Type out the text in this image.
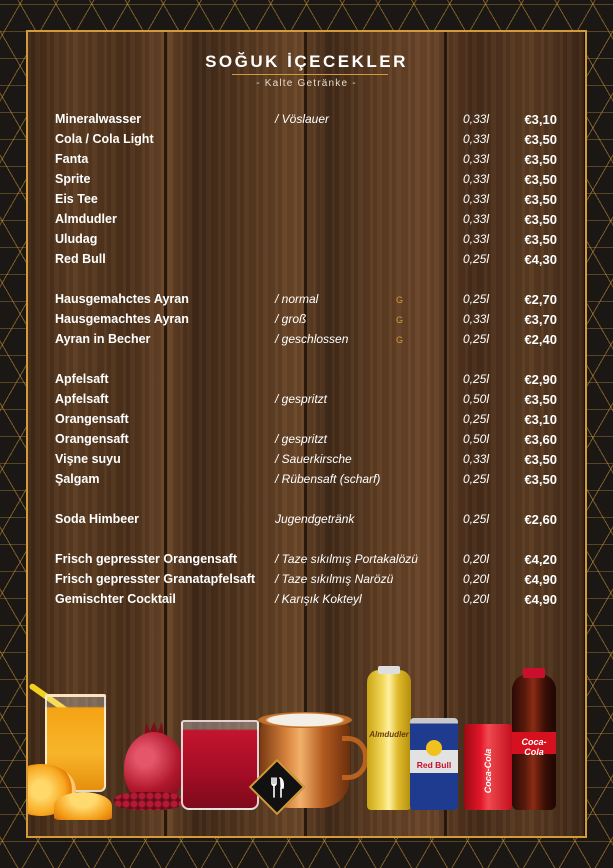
SOĞUK İÇECEKLER
- Kalte Getränke -
Mineralwasser	/ Vöslauer	0,33l	€3,10
Cola / Cola Light	0,33l	€3,50
Fanta	0,33l	€3,50
Sprite	0,33l	€3,50
Eis Tee	0,33l	€3,50
Almdudler	0,33l	€3,50
Uludag	0,33l	€3,50
Red Bull	0,25l	€4,30
Hausgemahctes Ayran	/ normal	G	0,25l	€2,70
Hausgemachtes Ayran	/ groß	G	0,33l	€3,70
Ayran in Becher	/ geschlossen	G	0,25l	€2,40
Apfelsaft	0,25l	€2,90
Apfelsaft	/ gespritzt	0,50l	€3,50
Orangensaft	0,25l	€3,10
Orangensaft	/ gespritzt	0,50l	€3,60
Vişne suyu	/ Sauerkirsche	0,33l	€3,50
Şalgam	/ Rübensaft (scharf)	0,25l	€3,50
Soda Himbeer	Jugendgetränk	0,25l	€2,60
Frisch gepresster Orangensaft	/ Taze sıkılmış Portakalözü	0,20l	€4,20
Frisch gepresster Granatapfelsaft / Taze sıkılmış Narözü	0,20l	€4,90
Gemischter Cocktail	/ Karışık Kokteyl	0,20l	€4,90
Almdudler
Red Bull	Coca-Cola
Coca-Cola
